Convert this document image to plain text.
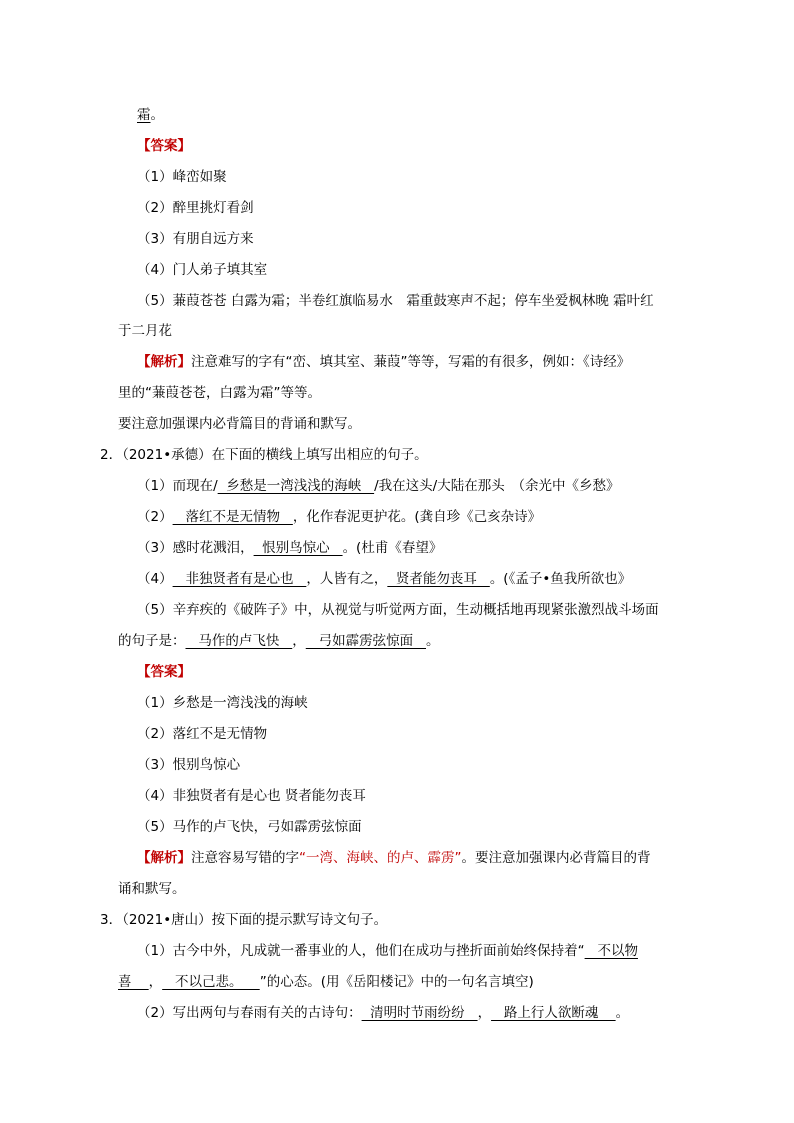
霜。
【答案】
（1）峰峦如聚
（2）醉里挑灯看剑
（3）有朋自远方来
（4）门人弟子填其室
（5）蒹葭苍苍 白露为霜；半卷红旗临易水　霜重鼓寒声不起；停车坐爱枫林晚 霜叶红
于二月花
【解析】注意难写的字有“峦、填其室、蒹葭”等等，写霜的有很多，例如：《诗经》
里的“蒹葭苍苍，白露为霜”等等。
要注意加强课内必背篇目的背诵和默写。
2．（2021•承德）在下面的横线上填写出相应的句子。
（1）而现在/  乡愁是一湾浅浅的海峡   /我在这头/大陆在那头　（余光中《乡愁》
（2）   落红不是无情物   ，化作春泥更护花。(龚自珍《己亥杂诗》
（3）感时花溅泪，  恨别鸟惊心   。(杜甫《春望》
（4）   非独贤者有是心也   ，人皆有之，  贤者能勿丧耳   。(《孟子•鱼我所欲也》
（5）辛弃疾的《破阵子》中，从视觉与听觉两方面，生动概括地再现紧张激烈战斗场面
的句子是：   马作的卢飞快   ，   弓如霹雳弦惊面   。
【答案】
（1）乡愁是一湾浅浅的海峡
（2）落红不是无情物
（3）恨别鸟惊心
（4）非独贤者有是心也 贤者能勿丧耳
（5）马作的卢飞快，弓如霹雳弦惊面
【解析】注意容易写错的字“一湾、海峡、的卢、霹雳”。要注意加强课内必背篇目的背
诵和默写。
3．（2021•唐山）按下面的提示默写诗文句子。
（1）古今中外，凡成就一番事业的人，他们在成功与挫折面前始终保持着“   不以物
喜    ，   不以己悲。    ”的心态。(用《岳阳楼记》中的一句名言填空)
（2）写出两句与春雨有关的古诗句：  清明时节雨纷纷   ，   路上行人欲断魂    。
